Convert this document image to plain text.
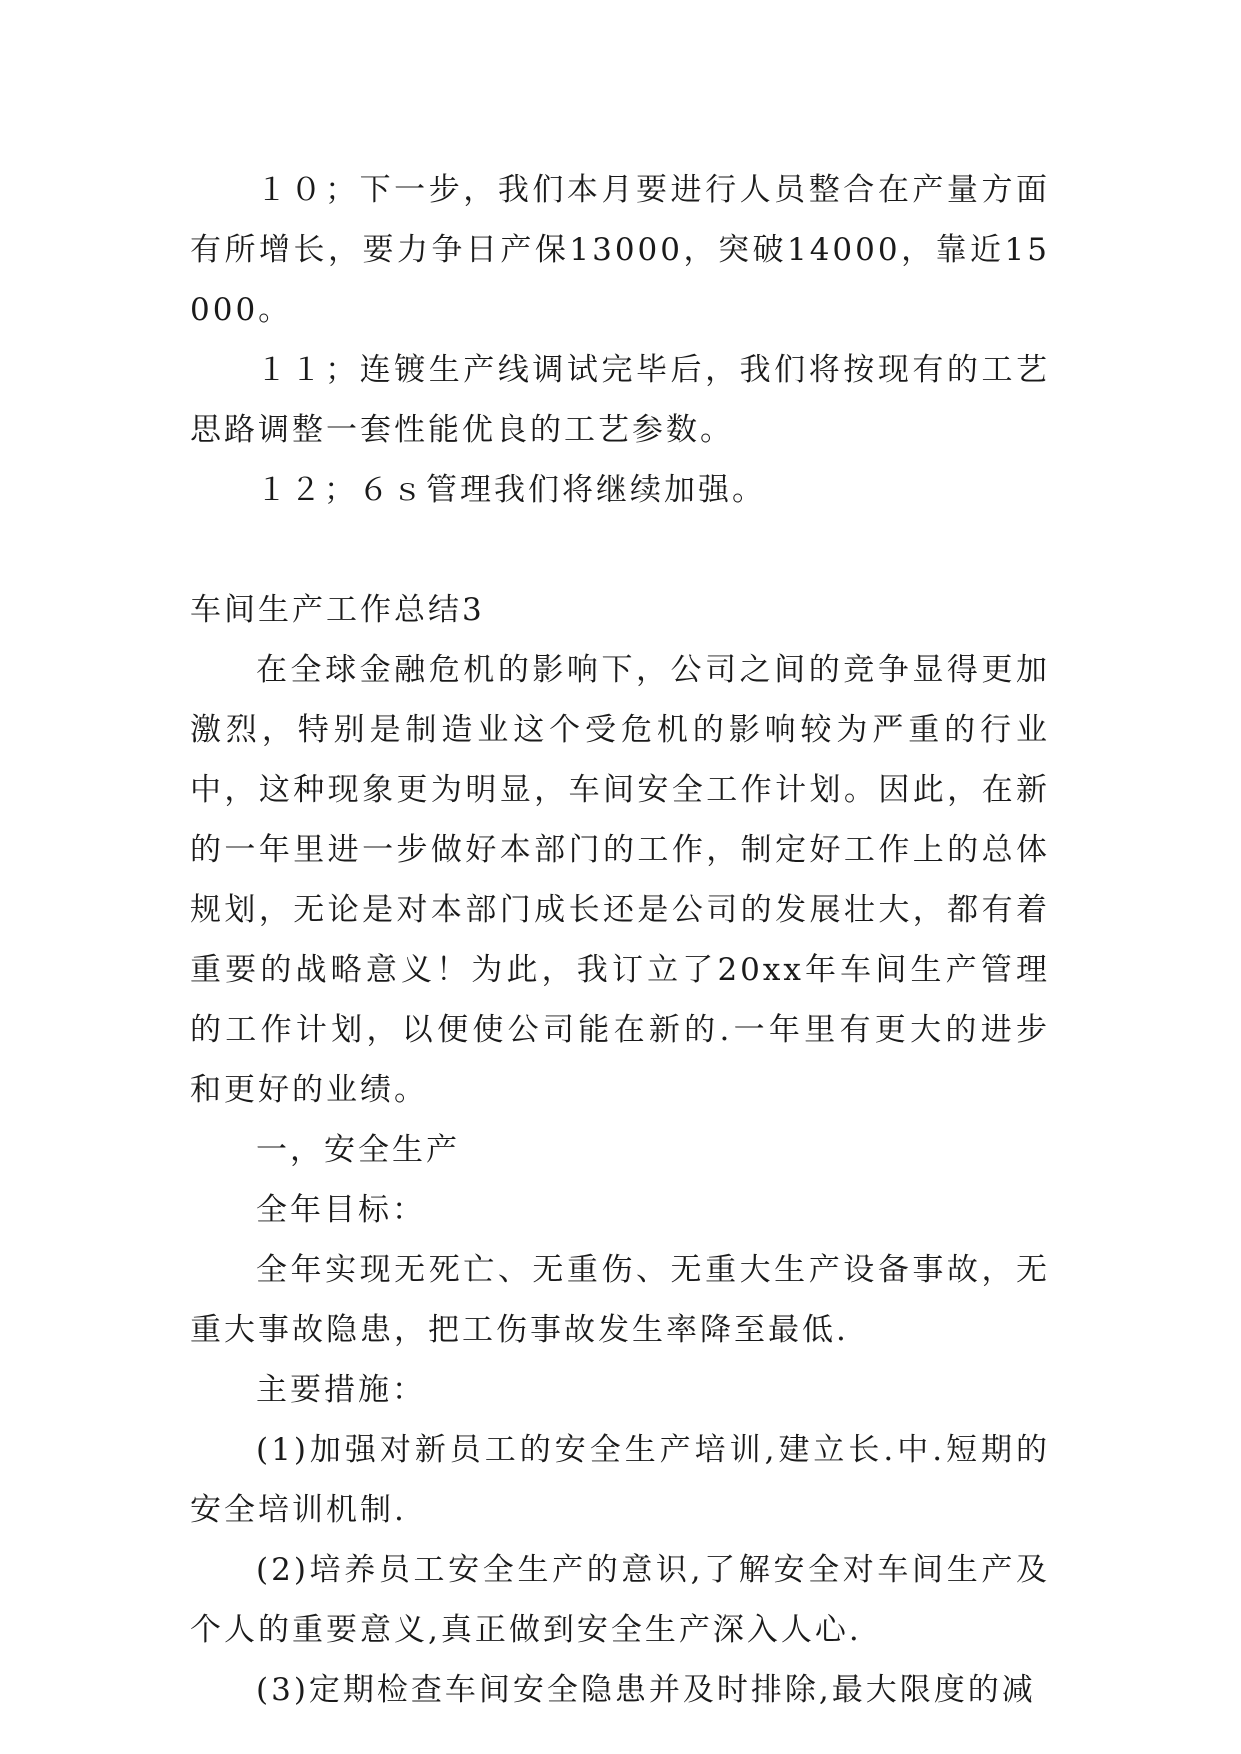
１０；下一步，我们本月要进行人员整合在产量方面有所增长，要力争日产保13000，突破14000，靠近15000。

１１；连镀生产线调试完毕后，我们将按现有的工艺思路调整一套性能优良的工艺参数。

１２；６ｓ管理我们将继续加强。

车间生产工作总结3

在全球金融危机的影响下，公司之间的竞争显得更加激烈，特别是制造业这个受危机的影响较为严重的行业中，这种现象更为明显，车间安全工作计划。因此，在新的一年里进一步做好本部门的工作，制定好工作上的总体规划，无论是对本部门成长还是公司的发展壮大，都有着重要的战略意义！为此，我订立了20xx年车间生产管理的工作计划，以便使公司能在新的.一年里有更大的进步和更好的业绩。

一，安全生产

全年目标：

全年实现无死亡、无重伤、无重大生产设备事故，无重大事故隐患，把工伤事故发生率降至最低.

主要措施：

(1)加强对新员工的安全生产培训,建立长.中.短期的安全培训机制.

(2)培养员工安全生产的意识,了解安全对车间生产及个人的重要意义,真正做到安全生产深入人心.

(3)定期检查车间安全隐患并及时排除,最大限度的减
